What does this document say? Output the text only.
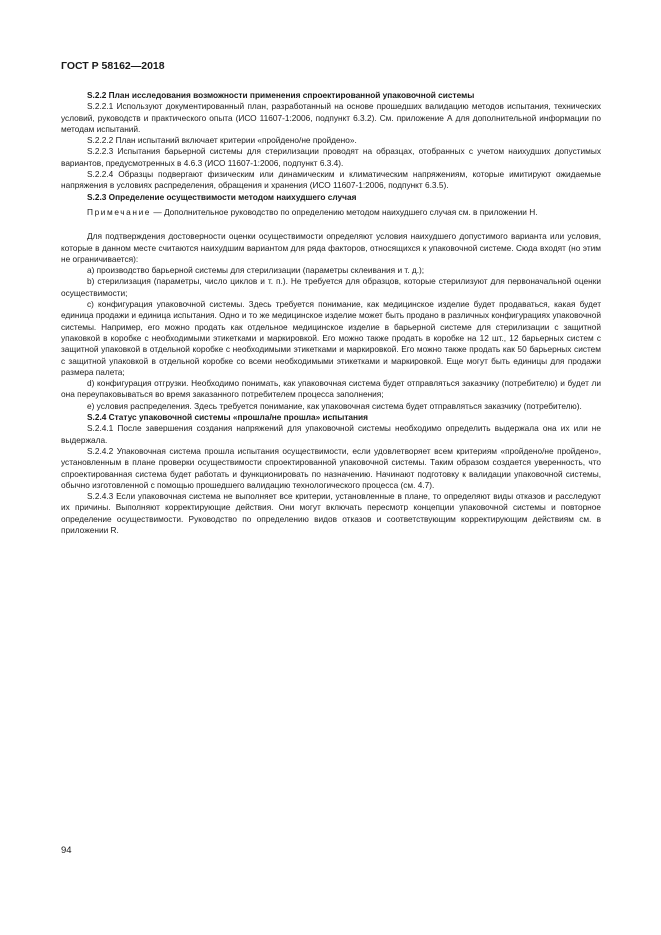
ГОСТ Р 58162—2018

S.2.2 План исследования возможности применения спроектированной упаковочной системы

S.2.2.1 Используют документированный план, разработанный на основе прошедших валидацию методов испытания, технических условий, руководств и практического опыта (ИСО 11607-1:2006, подпункт 6.3.2). См. приложение А для дополнительной информации по методам испытаний.

S.2.2.2 План испытаний включает критерии «пройдено/не пройдено».

S.2.2.3 Испытания барьерной системы для стерилизации проводят на образцах, отобранных с учетом наихудших допустимых вариантов, предусмотренных в 4.6.3 (ИСО 11607-1:2006, подпункт 6.3.4).

S.2.2.4 Образцы подвергают физическим или динамическим и климатическим напряжениям, которые имитируют ожидаемые напряжения в условиях распределения, обращения и хранения (ИСО 11607-1:2006, подпункт 6.3.5).

S.2.3 Определение осуществимости методом наихудшего случая

Примечание — Дополнительное руководство по определению методом наихудшего случая см. в приложении Н.

Для подтверждения достоверности оценки осуществимости определяют условия наихудшего допустимого варианта или условия, которые в данном месте считаются наихудшим вариантом для ряда факторов, относящихся к упаковочной системе. Сюда входят (но этим не ограничивается):

а) производство барьерной системы для стерилизации (параметры склеивания и т. д.);

b) стерилизация (параметры, число циклов и т. п.). Не требуется для образцов, которые стерилизуют для первоначальной оценки осуществимости;

с) конфигурация упаковочной системы. Здесь требуется понимание, как медицинское изделие будет продаваться, какая будет единица продажи и единица испытания. Одно и то же медицинское изделие может быть продано в различных конфигурациях упаковочной системы. Например, его можно продать как отдельное медицинское изделие в барьерной системе для стерилизации с защитной упаковкой в коробке с необходимыми этикетками и маркировкой. Его можно также продать в коробке на 12 шт., 12 барьерных систем с защитной упаковкой в отдельной коробке с необходимыми этикетками и маркировкой. Его можно также продать как 50 барьерных систем с защитной упаковкой в отдельной коробке со всеми необходимыми этикетками и маркировкой. Еще могут быть единицы для продажи размера палета;

d) конфигурация отгрузки. Необходимо понимать, как упаковочная система будет отправляться заказчику (потребителю) и будет ли она переупаковываться во время заказанного потребителем процесса заполнения;

е) условия распределения. Здесь требуется понимание, как упаковочная система будет отправляться заказчику (потребителю).

S.2.4 Статус упаковочной системы «прошла/не прошла» испытания

S.2.4.1 После завершения создания напряжений для упаковочной системы необходимо определить выдержала она их или не выдержала.

S.2.4.2 Упаковочная система прошла испытания осуществимости, если удовлетворяет всем критериям «пройдено/не пройдено», установленным в плане проверки осуществимости спроектированной упаковочной системы. Таким образом создается уверенность, что спроектированная система будет работать и функционировать по назначению. Начинают подготовку к валидации упаковочной системы, обычно изготовленной с помощью прошедшего валидацию технологического процесса (см. 4.7).

S.2.4.3 Если упаковочная система не выполняет все критерии, установленные в плане, то определяют виды отказов и расследуют их причины. Выполняют корректирующие действия. Они могут включать пересмотр концепции упаковочной системы и повторное определение осуществимости. Руководство по определению видов отказов и соответствующим корректирующим действиям см. в приложении R.

94
